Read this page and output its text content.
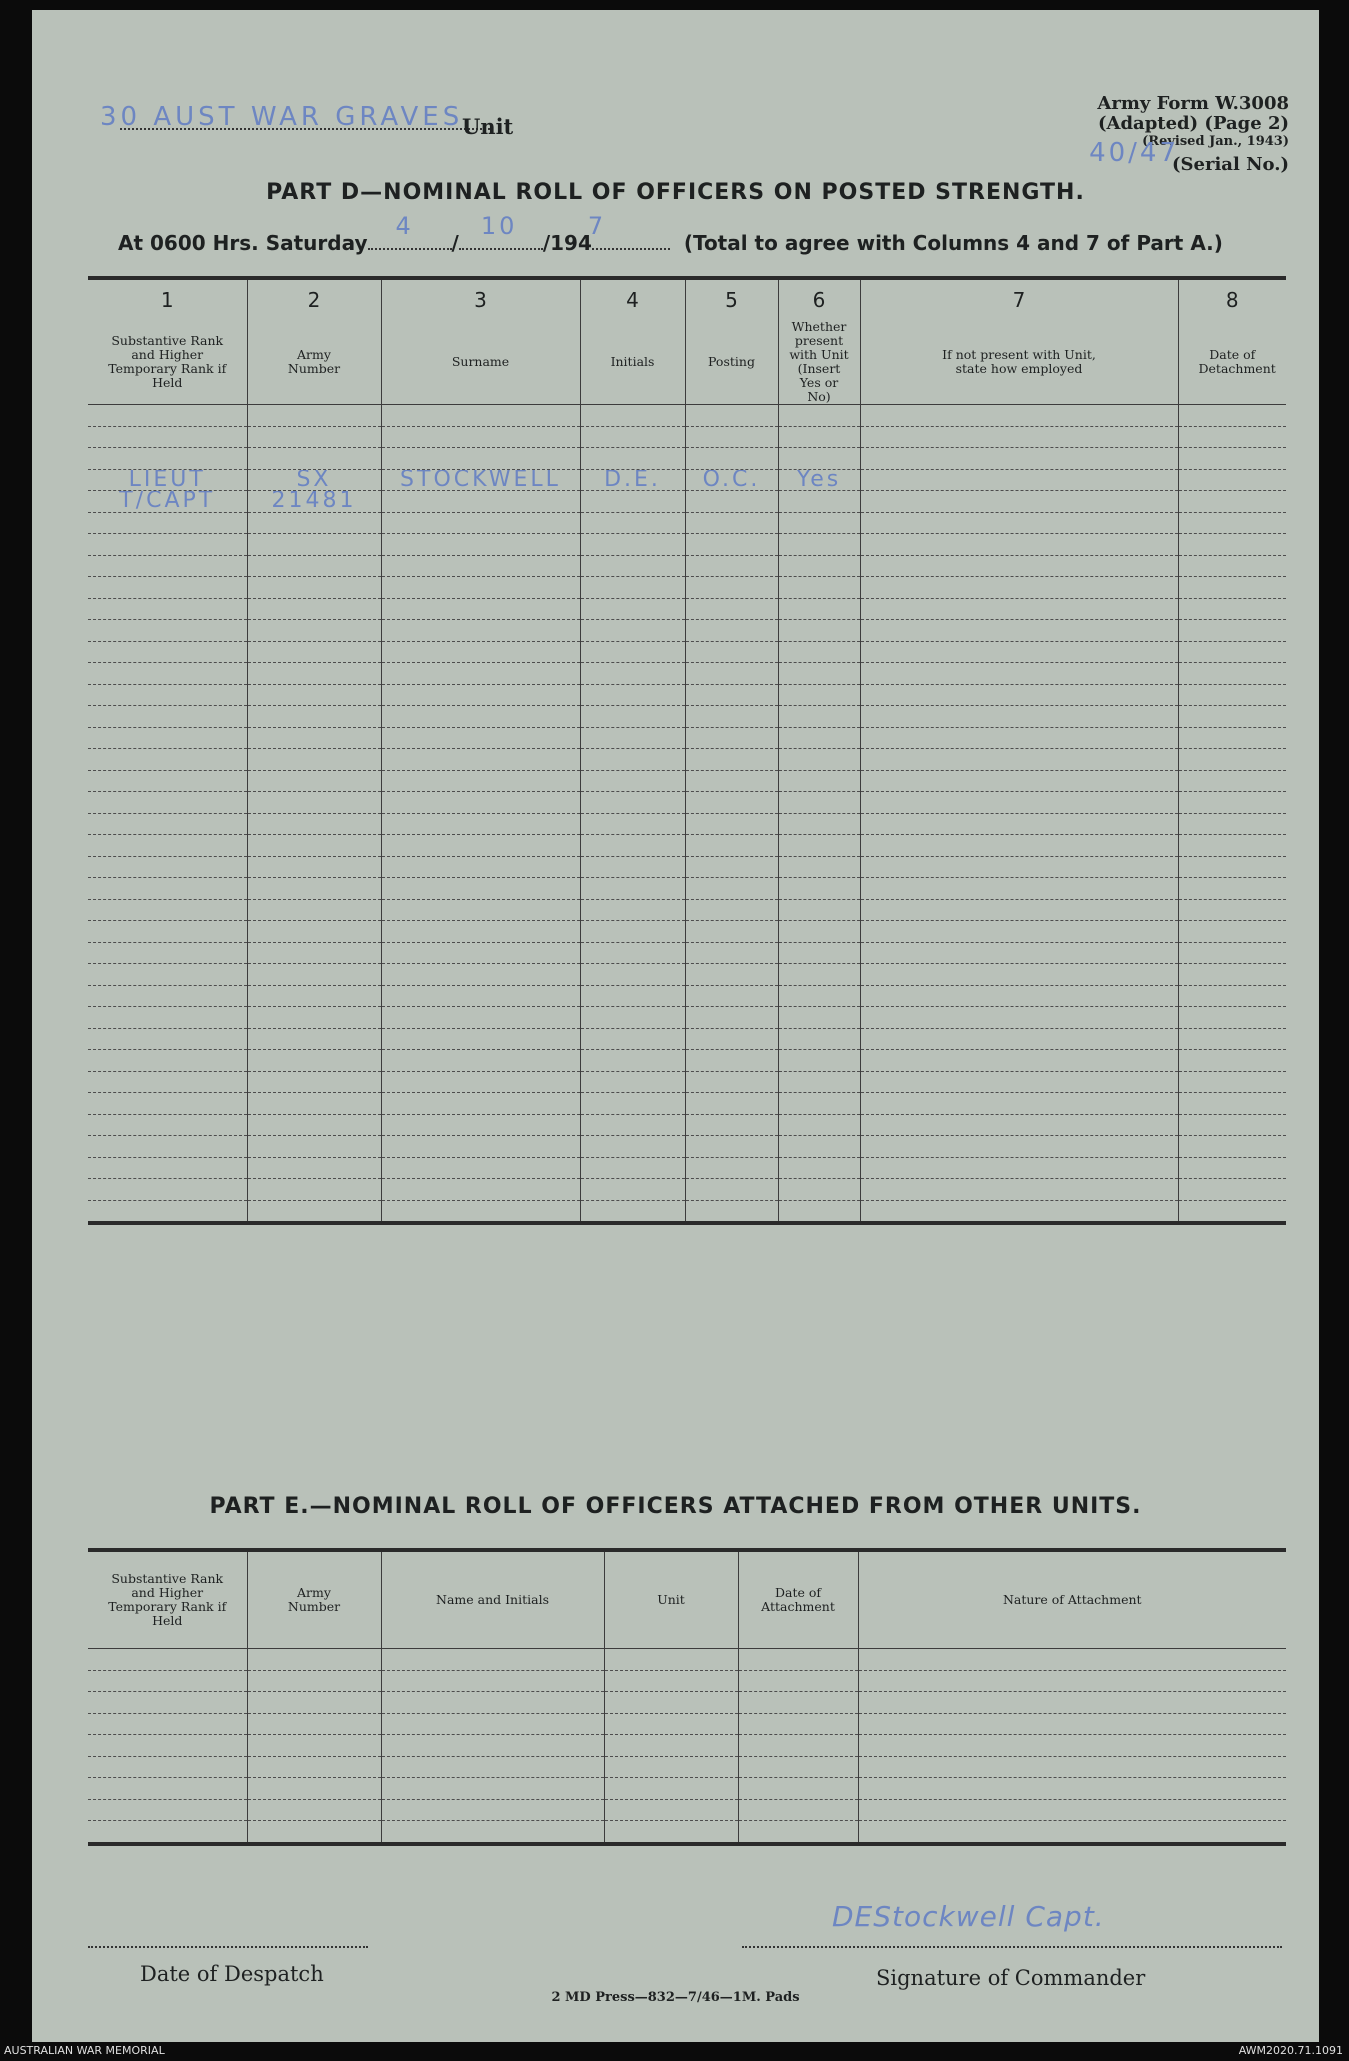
30 AUST WAR GRAVES
Unit
Army Form W.3008
(Adapted) (Page 2)
(Revised Jan., 1943)
40/47
(Serial No.)
PART D—NOMINAL ROLL OF OFFICERS ON POSTED STRENGTH.
At 0600 Hrs. Saturday
4
/
10
/194
7
(Total to agree with Columns 4 and 7 of Part A.)
1	2	3	4	5	6	7	8
Substantive Rank and Higher Temporary Rank if Held	Army Number	Surname	Initials	Posting	Whether present with Unit (Insert Yes or No)	If not present with Unit, state how employed	Date of Detachment

LIEUT	SX	STOCKWELL	D.E.	O.C.	Yes		
T/CAPT	21481						

PART E.—NOMINAL ROLL OF OFFICERS ATTACHED FROM OTHER UNITS.
Substantive Rank and Higher Temporary Rank if Held	Army Number	Name and Initials	Unit	Date of Attachment	Nature of Attachment

Date of Despatch
DEStockwell Capt.
Signature of Commander
2 MD Press—832—7/46—1M. Pads
AUSTRALIAN WAR MEMORIAL	AWM2020.71.1091
